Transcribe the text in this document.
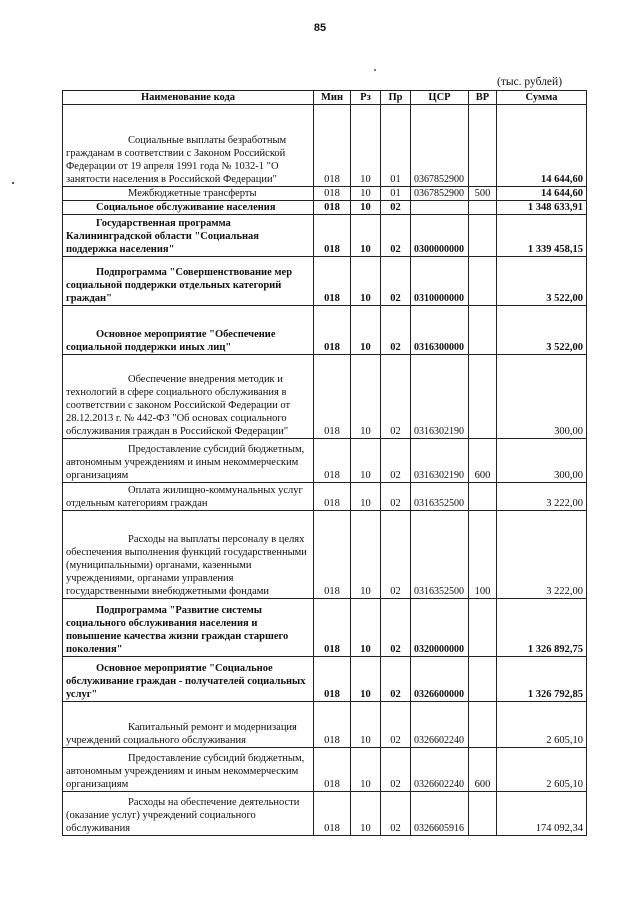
85
(тыс. рублей)
Наименование кода	Мин	Рз	Пр	ЦСР	ВР	Сумма
Социальные выплаты безработным гражданам в соответствии с Законом Российской Федерации от 19 апреля 1991 года № 1032-1 "О занятости населения в Российской Федерации"	018	10	01	0367852900		14 644,60
Межбюджетные трансферты	018	10	01	0367852900	500	14 644,60
Социальное обслуживание населения	018	10	02			1 348 633,91
Государственная программа Калининградской области "Социальная поддержка населения"	018	10	02	0300000000		1 339 458,15
Подпрограмма "Совершенствование мер социальной поддержки отдельных категорий граждан"	018	10	02	0310000000		3 522,00
Основное мероприятие "Обеспечение социальной поддержки иных лиц"	018	10	02	0316300000		3 522,00
Обеспечение внедрения методик и технологий в сфере социального обслуживания в соответствии с законом Российской Федерации от 28.12.2013 г. № 442-ФЗ "Об основах социального обслуживания граждан в Российской Федерации"	018	10	02	0316302190		300,00
Предоставление субсидий бюджетным, автономным учреждениям и иным некоммерческим организациям	018	10	02	0316302190	600	300,00
Оплата жилищно-коммунальных услуг отдельным категориям граждан	018	10	02	0316352500		3 222,00
Расходы на выплаты персоналу в целях обеспечения выполнения функций государственными (муниципальными) органами, казенными учреждениями, органами управления государственными внебюджетными фондами	018	10	02	0316352500	100	3 222,00
Подпрограмма "Развитие системы социального обслуживания населения и повышение качества жизни граждан старшего поколения"	018	10	02	0320000000		1 326 892,75
Основное мероприятие "Социальное обслуживание граждан - получателей социальных услуг"	018	10	02	0326600000		1 326 792,85
Капитальный ремонт и модернизация учреждений социального обслуживания	018	10	02	0326602240		2 605,10
Предоставление субсидий бюджетным, автономным учреждениям и иным некоммерческим организациям	018	10	02	0326602240	600	2 605,10
Расходы на обеспечение деятельности (оказание услуг) учреждений социального обслуживания	018	10	02	0326605916		174 092,34
